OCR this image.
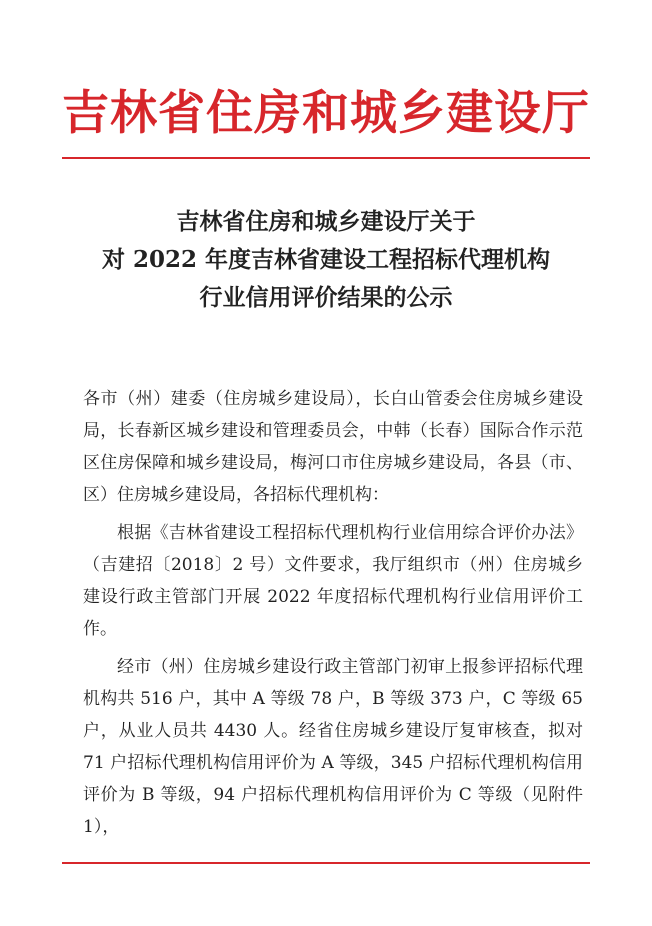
吉林省住房和城乡建设厅
吉林省住房和城乡建设厅关于
对 2022 年度吉林省建设工程招标代理机构
行业信用评价结果的公示

各市（州）建委（住房城乡建设局），长白山管委会住房城乡建设局，长春新区城乡建设和管理委员会，中韩（长春）国际合作示范区住房保障和城乡建设局，梅河口市住房城乡建设局，各县（市、区）住房城乡建设局，各招标代理机构：

根据《吉林省建设工程招标代理机构行业信用综合评价办法》（吉建招〔2018〕2 号）文件要求，我厅组织市（州）住房城乡建设行政主管部门开展 2022 年度招标代理机构行业信用评价工作。

经市（州）住房城乡建设行政主管部门初审上报参评招标代理机构共 516 户，其中 A 等级 78 户，B 等级 373 户，C 等级 65 户，从业人员共 4430 人。经省住房城乡建设厅复审核查，拟对 71 户招标代理机构信用评价为 A 等级，345 户招标代理机构信用评价为 B 等级，94 户招标代理机构信用评价为 C 等级（见附件 1），
